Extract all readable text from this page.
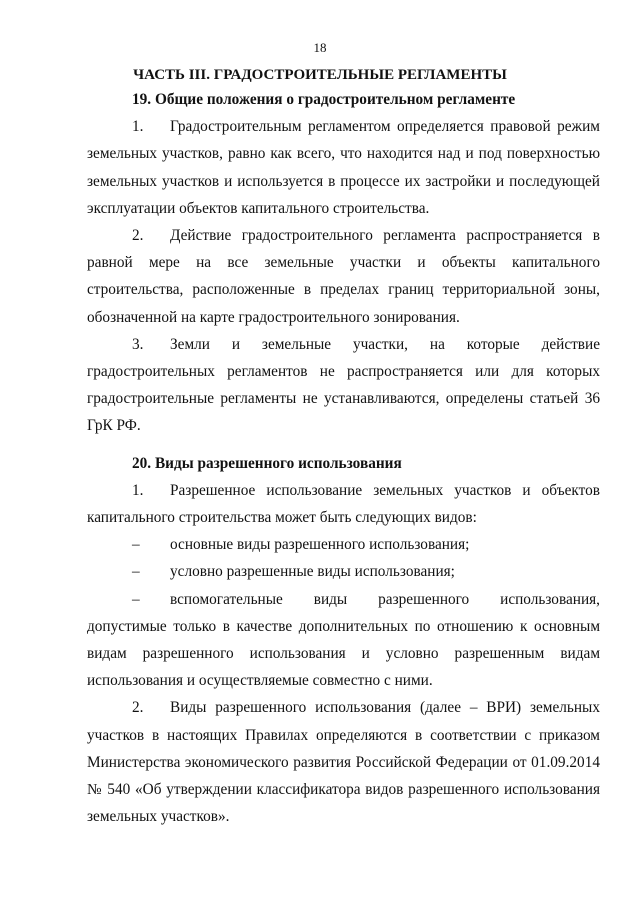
18
ЧАСТЬ III. ГРАДОСТРОИТЕЛЬНЫЕ РЕГЛАМЕНТЫ

19. Общие положения о градостроительном регламенте

1. Градостроительным регламентом определяется правовой режим земельных участков, равно как всего, что находится над и под поверхностью земельных участков и используется в процессе их застройки и последующей эксплуатации объектов капитального строительства.

2. Действие градостроительного регламента распространяется в равной мере на все земельные участки и объекты капитального строительства, расположенные в пределах границ территориальной зоны, обозначенной на карте градостроительного зонирования.

3. Земли и земельные участки, на которые действие градостроительных регламентов не распространяется или для которых градостроительные регламенты не устанавливаются, определены статьей 36 ГрК РФ.

20. Виды разрешенного использования

1. Разрешенное использование земельных участков и объектов капитального строительства может быть следующих видов:

– основные виды разрешенного использования;

– условно разрешенные виды использования;

– вспомогательные виды разрешенного использования, допустимые только в качестве дополнительных по отношению к основным видам разрешенного использования и условно разрешенным видам использования и осуществляемые совместно с ними.

2. Виды разрешенного использования (далее – ВРИ) земельных участков в настоящих Правилах определяются в соответствии с приказом Министерства экономического развития Российской Федерации от 01.09.2014 № 540 «Об утверждении классификатора видов разрешенного использования земельных участков».
